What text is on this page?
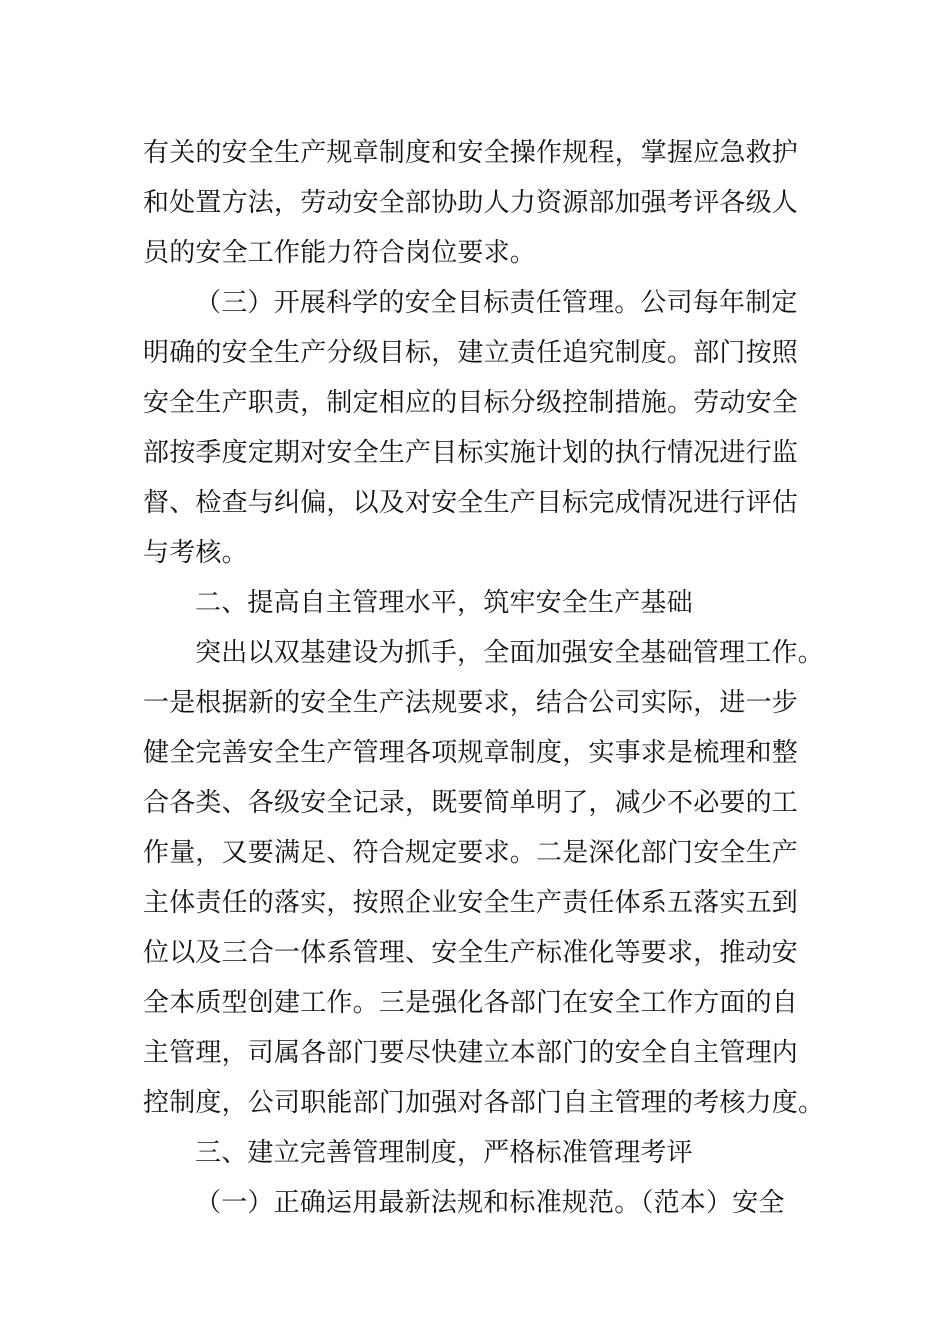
有关的安全生产规章制度和安全操作规程，掌握应急救护
和处置方法，劳动安全部协助人力资源部加强考评各级人
员的安全工作能力符合岗位要求。
（三）开展科学的安全目标责任管理。公司每年制定
明确的安全生产分级目标，建立责任追究制度。部门按照
安全生产职责，制定相应的目标分级控制措施。劳动安全
部按季度定期对安全生产目标实施计划的执行情况进行监
督、检查与纠偏，以及对安全生产目标完成情况进行评估
与考核。
二、提高自主管理水平，筑牢安全生产基础
突出以双基建设为抓手，全面加强安全基础管理工作。
一是根据新的安全生产法规要求，结合公司实际，进一步
健全完善安全生产管理各项规章制度，实事求是梳理和整
合各类、各级安全记录，既要简单明了，减少不必要的工
作量，又要满足、符合规定要求。二是深化部门安全生产
主体责任的落实，按照企业安全生产责任体系五落实五到
位以及三合一体系管理、安全生产标准化等要求，推动安
全本质型创建工作。三是强化各部门在安全工作方面的自
主管理，司属各部门要尽快建立本部门的安全自主管理内
控制度，公司职能部门加强对各部门自主管理的考核力度。
三、建立完善管理制度，严格标准管理考评
（一）正确运用最新法规和标准规范。（范本）安全
